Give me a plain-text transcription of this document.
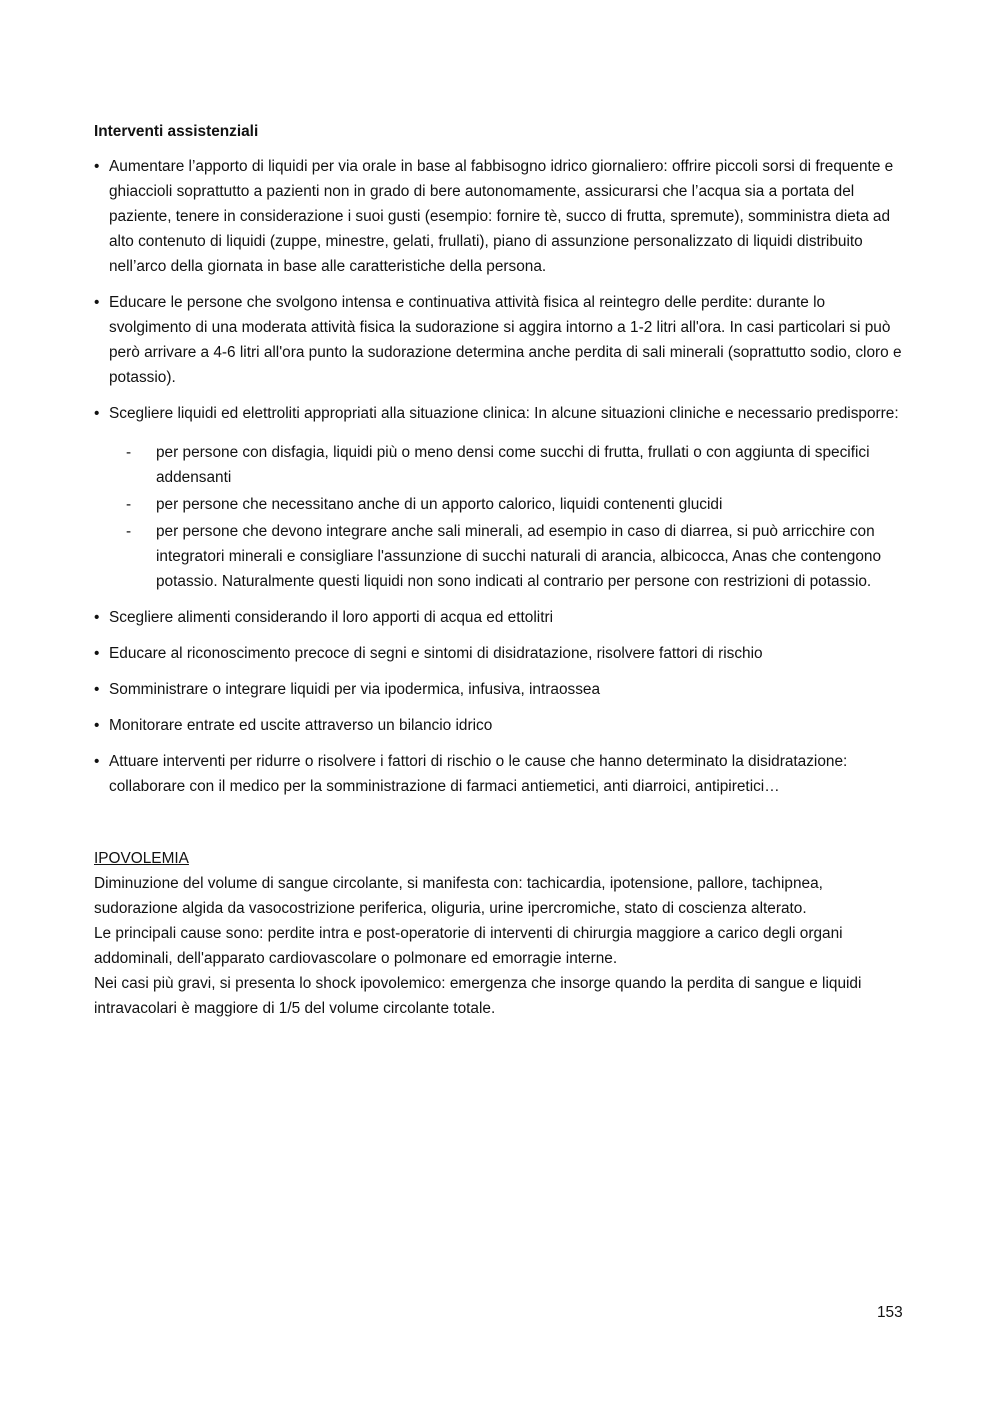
Interventi assistenziali
• Aumentare l’apporto di liquidi per via orale in base al fabbisogno idrico giornaliero: offrire piccoli sorsi di frequente e ghiaccioli soprattutto a pazienti non in grado di bere autonomamente, assicurarsi che l’acqua sia a portata del paziente, tenere in considerazione i suoi gusti (esempio: fornire tè, succo di frutta, spremute), somministra dieta ad alto contenuto di liquidi (zuppe, minestre, gelati, frullati), piano di assunzione personalizzato di liquidi distribuito nell’arco della giornata in base alle caratteristiche della persona.
• Educare le persone che svolgono intensa e continuativa attività fisica al reintegro delle perdite: durante lo svolgimento di una moderata attività fisica la sudorazione si aggira intorno a 1-2 litri all'ora. In casi particolari si può però arrivare a 4-6 litri all'ora punto la sudorazione determina anche perdita di sali minerali (soprattutto sodio, cloro e potassio).
• Scegliere liquidi ed elettroliti appropriati alla situazione clinica: In alcune situazioni cliniche e necessario predisporre:
- per persone con disfagia, liquidi più o meno densi come succhi di frutta, frullati o con aggiunta di specifici addensanti
- per persone che necessitano anche di un apporto calorico, liquidi contenenti glucidi
- per persone che devono integrare anche sali minerali, ad esempio in caso di diarrea, si può arricchire con integratori minerali e consigliare l'assunzione di succhi naturali di arancia, albicocca, Anas che contengono potassio. Naturalmente questi liquidi non sono indicati al contrario per persone con restrizioni di potassio.
• Scegliere alimenti considerando il loro apporti di acqua ed ettolitri
• Educare al riconoscimento precoce di segni e sintomi di disidratazione, risolvere fattori di rischio
• Somministrare o integrare liquidi per via ipodermica, infusiva, intraossea
• Monitorare entrate ed uscite attraverso un bilancio idrico
• Attuare interventi per ridurre o risolvere i fattori di rischio o le cause che hanno determinato la disidratazione: collaborare con il medico per la somministrazione di farmaci antiemetici, anti diarroici, antipiretici…
IPOVOLEMIA

Diminuzione del volume di sangue circolante, si manifesta con: tachicardia, ipotensione, pallore, tachipnea, sudorazione algida da vasocostrizione periferica, oliguria, urine ipercromiche, stato di coscienza alterato.

Le principali cause sono: perdite intra e post-operatorie di interventi di chirurgia maggiore a carico degli organi addominali, dell'apparato cardiovascolare o polmonare ed emorragie interne.

Nei casi più gravi, si presenta lo shock ipovolemico: emergenza che insorge quando la perdita di sangue e liquidi intravacolari è maggiore di 1/5 del volume circolante totale.

153
